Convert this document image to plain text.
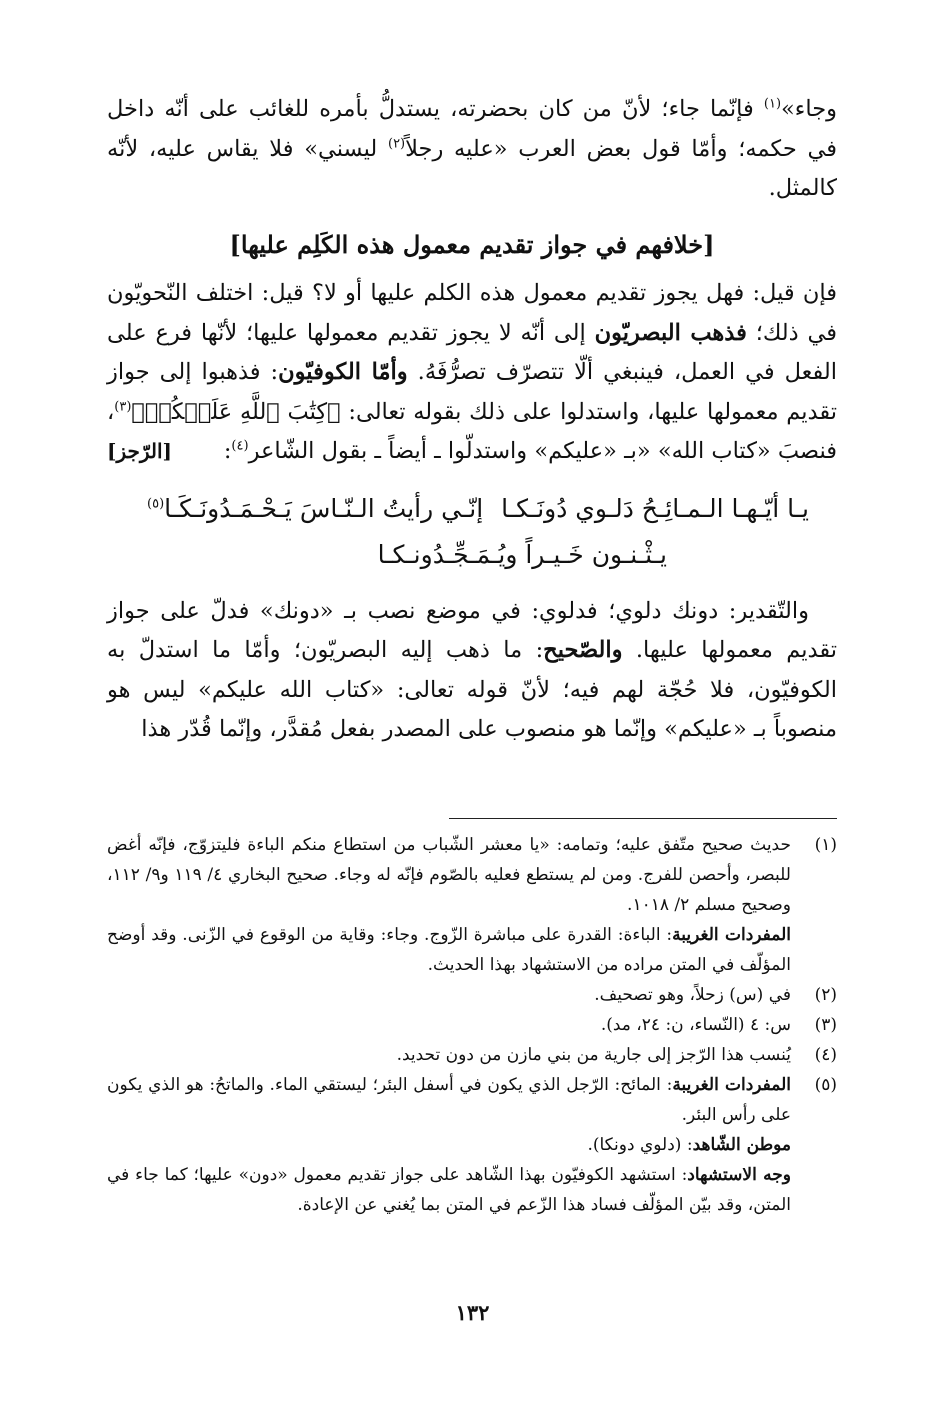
وجاء»$^{(١)}$ فإنّما جاء؛ لأنّ من كان بحضرته، يستدلُّ بأمره للغائب على أنّه داخل في حكمه؛ وأمّا قول بعض العرب «عليه رجلاً$^{(٢)}$ ليسني» فلا يقاس عليه، لأنّه كالمثل.

[خلافهم في جواز تقديم معمول هذه الكَلِم عليها]

فإن قيل: فهل يجوز تقديم معمول هذه الكلم عليها أو لا؟ قيل: اختلف النّحويّون في ذلك؛ فذهب البصريّون إلى أنّه لا يجوز تقديم معمولها عليها؛ لأنّها فرع على الفعل في العمل، فينبغي ألّا تتصرّف تصرُّفَهُ. وأمّا الكوفيّون: فذهبوا إلى جواز تقديم معمولها عليها، واستدلوا على ذلك بقوله تعالى: ﴿كِتَٰبَ ٱللَّهِ عَلَيۡكُمۡ﴾$^{(٣)}$، فنصبَ «كتاب الله» «بـ «عليكم» واستدلّوا ـ أيضاً ـ بقول الشّاعر$^{(٤)}$:
[الرّجز]

يـا أيّـهـا الـمـائِـحُ دَلـوي دُونَـكـا
إنّـي رأيتُ الـنّـاسَ يَـحْـمَـدُونَـكَـا$^{(٥)}$
يـثْـنـون خَـيـراً ويُـمَـجِّـدُونـكـا

والتّقدير: دونك دلوي؛ فدلوي: في موضع نصب بـ «دونك» فدلّ على جواز تقديم معمولها عليها. والصّحيح: ما ذهب إليه البصريّون؛ وأمّا ما استدلّ به الكوفيّون، فلا حُجّة لهم فيه؛ لأنّ قوله تعالى: «كتاب الله عليكم» ليس هو منصوباً بـ «عليكم» وإنّما هو منصوب على المصدر بفعل مُقدَّر، وإنّما قُدّر هذا

(١)

حديث صحيح متّفق عليه؛ وتمامه: «يا معشر الشّباب من استطاع منكم الباءة فليتزوّج، فإنّه أغض للبصر، وأحصن للفرج. ومن لم يستطع فعليه بالصّوم فإنّه له وجاء. صحيح البخاري ٤/ ١١٩ و٩/ ١١٢، وصحيح مسلم ٢/ ١٠١٨.

المفردات الغريبة: الباءة: القدرة على مباشرة الزّوج. وجاء: وقاية من الوقوع في الزّنى. وقد أوضح المؤلّف في المتن مراده من الاستشهاد بهذا الحديث.

(٢)
في (س) زحلاً، وهو تصحيف.
(٣)
س: ٤ (النّساء، ن: ٢٤، مد).
(٤)
يُنسب هذا الرّجز إلى جارية من بني مازن من دون تحديد.
(٥)

المفردات الغريبة: المائح: الرّجل الذي يكون في أسفل البئر؛ ليستقي الماء. والماتحُ: هو الذي يكون على رأس البئر.

موطن الشّاهد: (دلوي دونكا).

وجه الاستشهاد: استشهد الكوفيّون بهذا الشّاهد على جواز تقديم معمول «دون» عليها؛ كما جاء في المتن، وقد بيّن المؤلّف فساد هذا الزّعم في المتن بما يُغني عن الإعادة.

١٣٢
